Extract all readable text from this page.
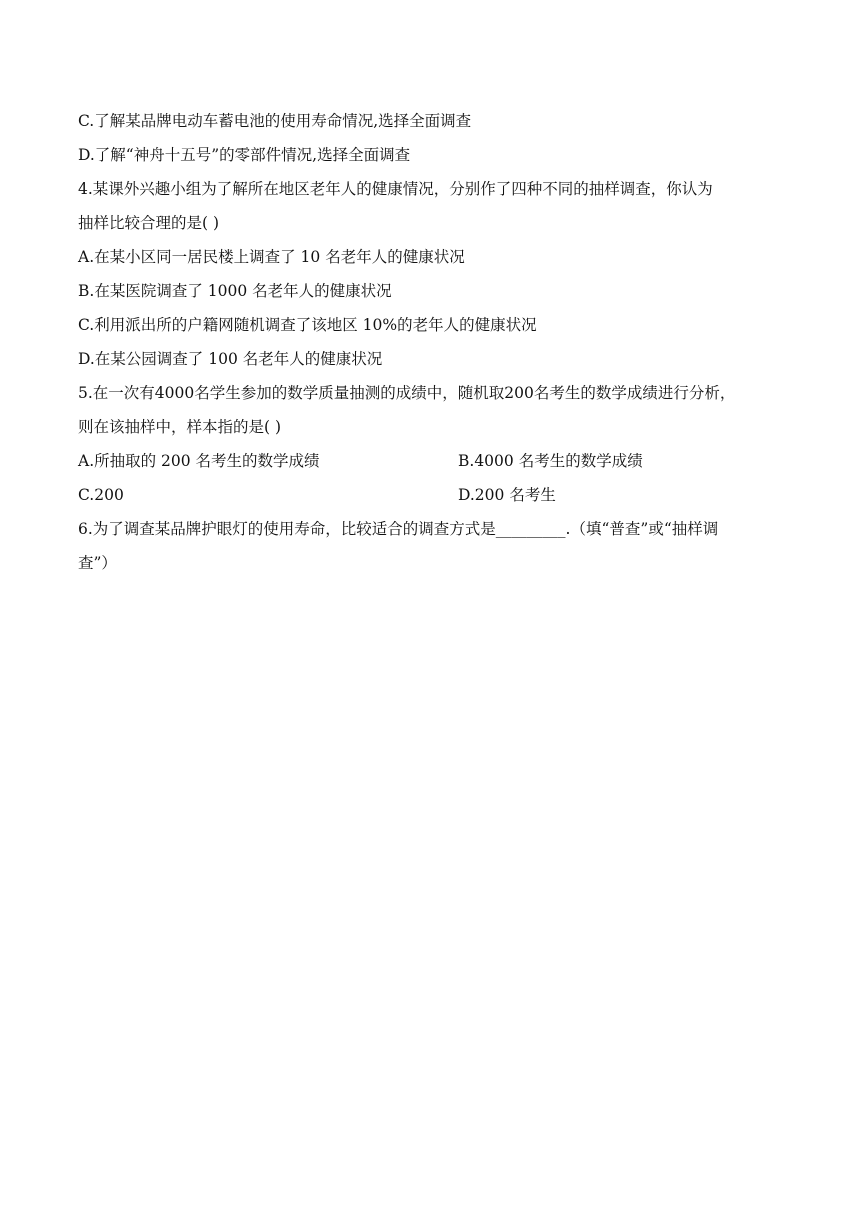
C.了解某品牌电动车蓄电池的使用寿命情况,选择全面调查
D.了解“神舟十五号”的零部件情况,选择全面调查
4.某课外兴趣小组为了解所在地区老年人的健康情况，分别作了四种不同的抽样调查，你认为
抽样比较合理的是( )
A.在某小区同一居民楼上调查了 10 名老年人的健康状况
B.在某医院调查了 1000 名老年人的健康状况
C.利用派出所的户籍网随机调查了该地区 10%的老年人的健康状况
D.在某公园调查了 100 名老年人的健康状况
5.在一次有4000名学生参加的数学质量抽测的成绩中，随机取200名考生的数学成绩进行分析，
则在该抽样中，样本指的是( )
A.所抽取的 200 名考生的数学成绩	B.4000 名考生的数学成绩
C.200	D.200 名考生
6.为了调查某品牌护眼灯的使用寿命，比较适合的调查方式是_________.（填“普查”或“抽样调
查”）
